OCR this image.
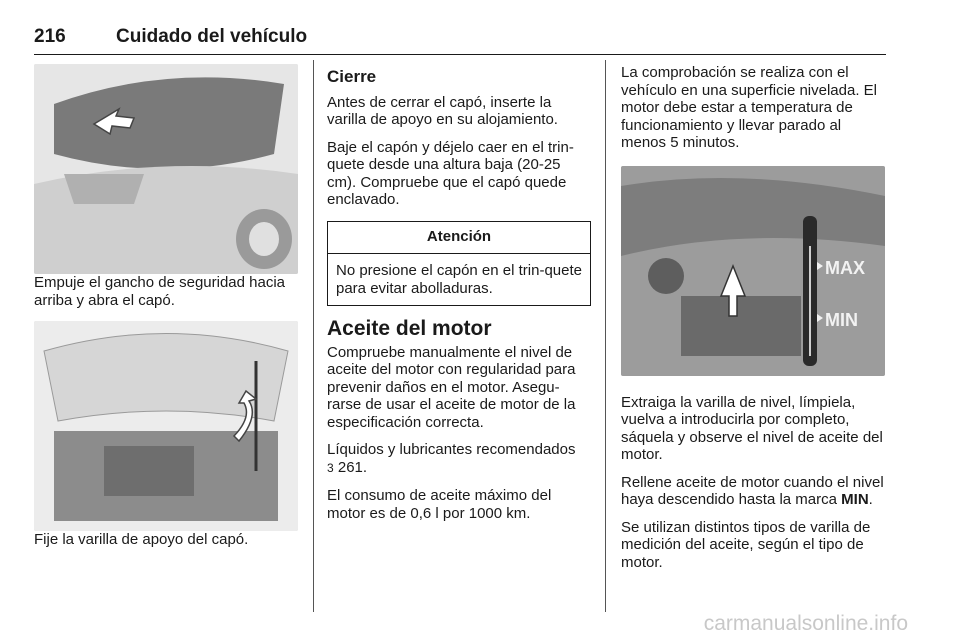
216	Cuidado del vehículo

Empuje el gancho de seguridad hacia arriba y abra el capó.

Fije la varilla de apoyo del capó.

Cierre

Antes de cerrar el capó, inserte la varilla de apoyo en su alojamiento.

Baje el capón y déjelo caer en el trin-quete desde una altura baja (20-25 cm). Compruebe que el capó quede enclavado.

Atención
No presione el capón en el trin-quete para evitar abolladuras.
Aceite del motor

Compruebe manualmente el nivel de aceite del motor con regularidad para prevenir daños en el motor. Asegu-rarse de usar el aceite de motor de la especificación correcta.

Líquidos y lubricantes recomendados
3 261.

El consumo de aceite máximo del motor es de 0,6 l por 1000 km.

La comprobación se realiza con el vehículo en una superficie nivelada. El motor debe estar a temperatura de funcionamiento y llevar parado al menos 5 minutos.

MAX
MIN

Extraiga la varilla de nivel, límpiela, vuelva a introducirla por completo, sáquela y observe el nivel de aceite del motor.

Rellene aceite de motor cuando el nivel haya descendido hasta la marca MIN.

Se utilizan distintos tipos de varilla de medición del aceite, según el tipo de motor.

carmanualsonline.info
